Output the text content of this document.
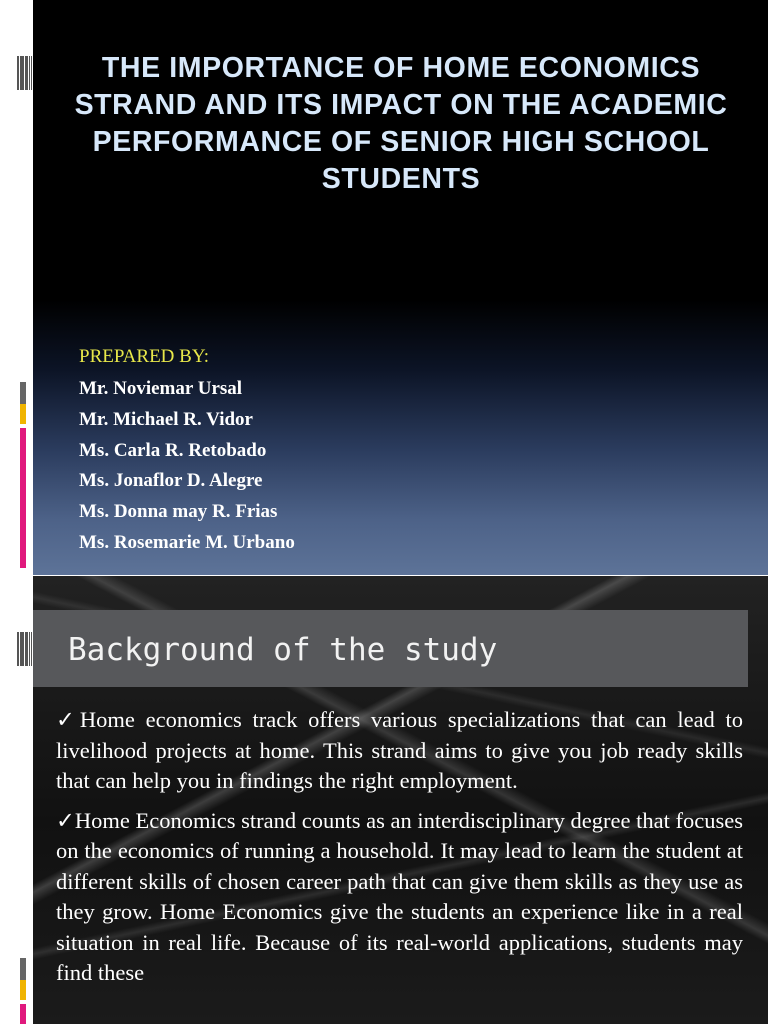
THE IMPORTANCE OF HOME ECONOMICS STRAND AND ITS IMPACT ON THE ACADEMIC PERFORMANCE OF SENIOR HIGH SCHOOL STUDENTS

PREPARED BY:

Mr. Noviemar Ursal
Mr. Michael R. Vidor
Ms. Carla R. Retobado
Ms. Jonaflor D. Alegre
Ms. Donna may R. Frias
Ms. Rosemarie M. Urbano
Background of the study

✓Home economics track offers various specializations that can lead to livelihood projects at home. This strand aims to give you job ready skills that can help you in findings the right employment.

✓Home Economics strand counts as an interdisciplinary degree that focuses on the economics of running a household. It may lead to learn the student at different skills of chosen career path that can give them skills as they use as they grow. Home Economics give the students an experience like in a real situation in real life. Because of its real-world applications, students may find these
